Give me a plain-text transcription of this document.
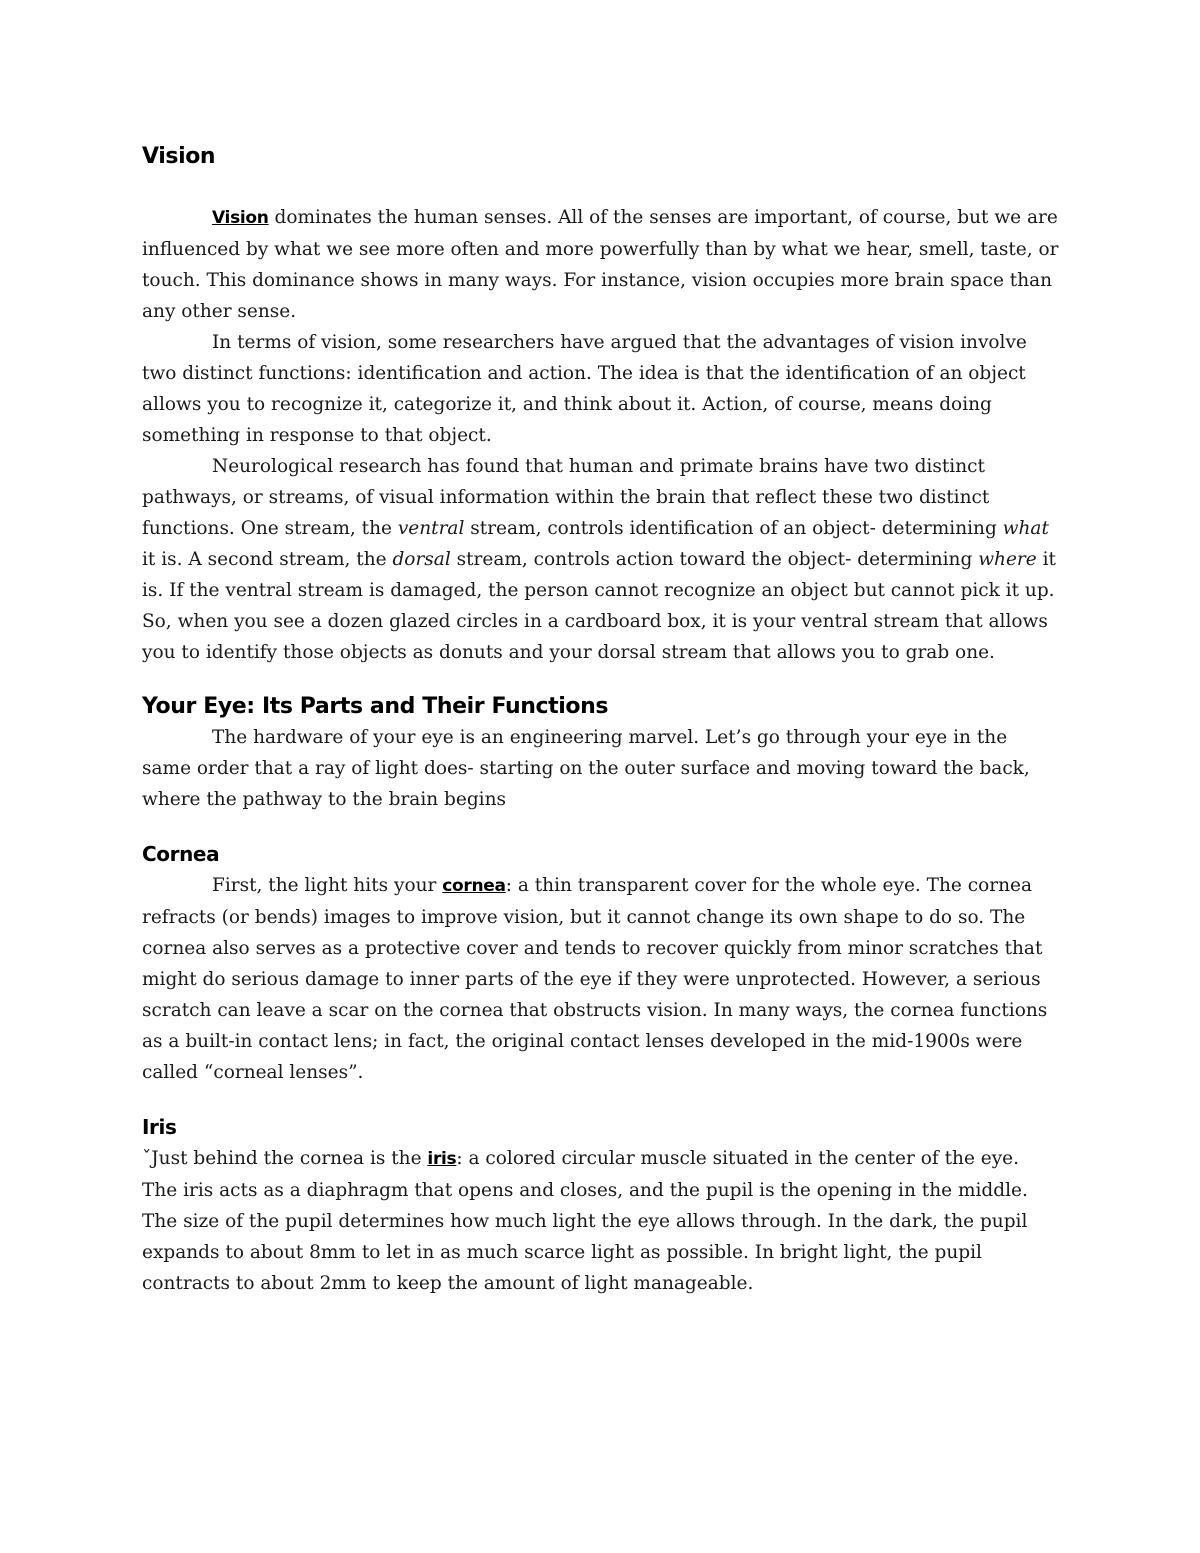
Vision

Vision dominates the human senses. All of the senses are important, of course, but we are influenced by what we see more often and more powerfully than by what we hear, smell, taste, or touch. This dominance shows in many ways. For instance, vision occupies more brain space than any other sense.

In terms of vision, some researchers have argued that the advantages of vision involve two distinct functions: identification and action. The idea is that the identification of an object allows you to recognize it, categorize it, and think about it. Action, of course, means doing something in response to that object.

Neurological research has found that human and primate brains have two distinct pathways, or streams, of visual information within the brain that reflect these two distinct functions. One stream, the ventral stream, controls identification of an object- determining what it is. A second stream, the dorsal stream, controls action toward the object- determining where it is. If the ventral stream is damaged, the person cannot recognize an object but cannot pick it up. So, when you see a dozen glazed circles in a cardboard box, it is your ventral stream that allows you to identify those objects as donuts and your dorsal stream that allows you to grab one.

Your Eye: Its Parts and Their Functions

The hardware of your eye is an engineering marvel. Let’s go through your eye in the same order that a ray of light does- starting on the outer surface and moving toward the back, where the pathway to the brain begins

Cornea

First, the light hits your cornea: a thin transparent cover for the whole eye. The cornea refracts (or bends) images to improve vision, but it cannot change its own shape to do so. The cornea also serves as a protective cover and tends to recover quickly from minor scratches that might do serious damage to inner parts of the eye if they were unprotected. However, a serious scratch can leave a scar on the cornea that obstructs vision. In many ways, the cornea functions as a built-in contact lens; in fact, the original contact lenses developed in the mid-1900s were called “corneal lenses”.

Iris

ˇJust behind the cornea is the iris: a colored circular muscle situated in the center of the eye. The iris acts as a diaphragm that opens and closes, and the pupil is the opening in the middle. The size of the pupil determines how much light the eye allows through. In the dark, the pupil expands to about 8mm to let in as much scarce light as possible. In bright light, the pupil contracts to about 2mm to keep the amount of light manageable.
